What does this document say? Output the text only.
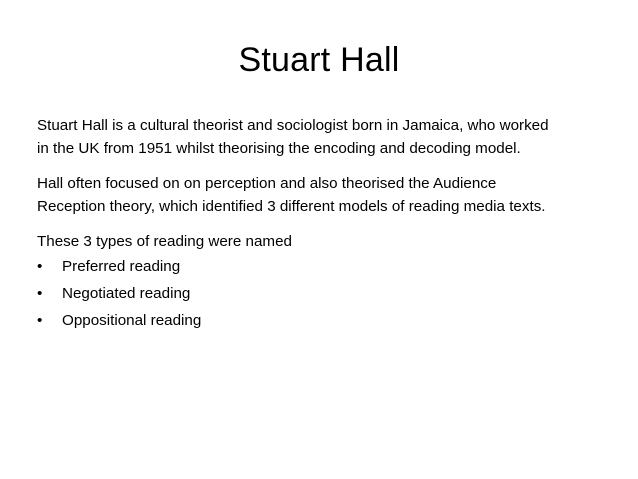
Stuart Hall

Stuart Hall is a cultural theorist and sociologist born in Jamaica, who worked
in the UK from 1951 whilst theorising the encoding and decoding model.

Hall often focused on on perception and also theorised the Audience
Reception theory, which identified 3 different models of reading media texts.

These 3 types of reading were named

•	Preferred reading
•	Negotiated reading
•	Oppositional reading
